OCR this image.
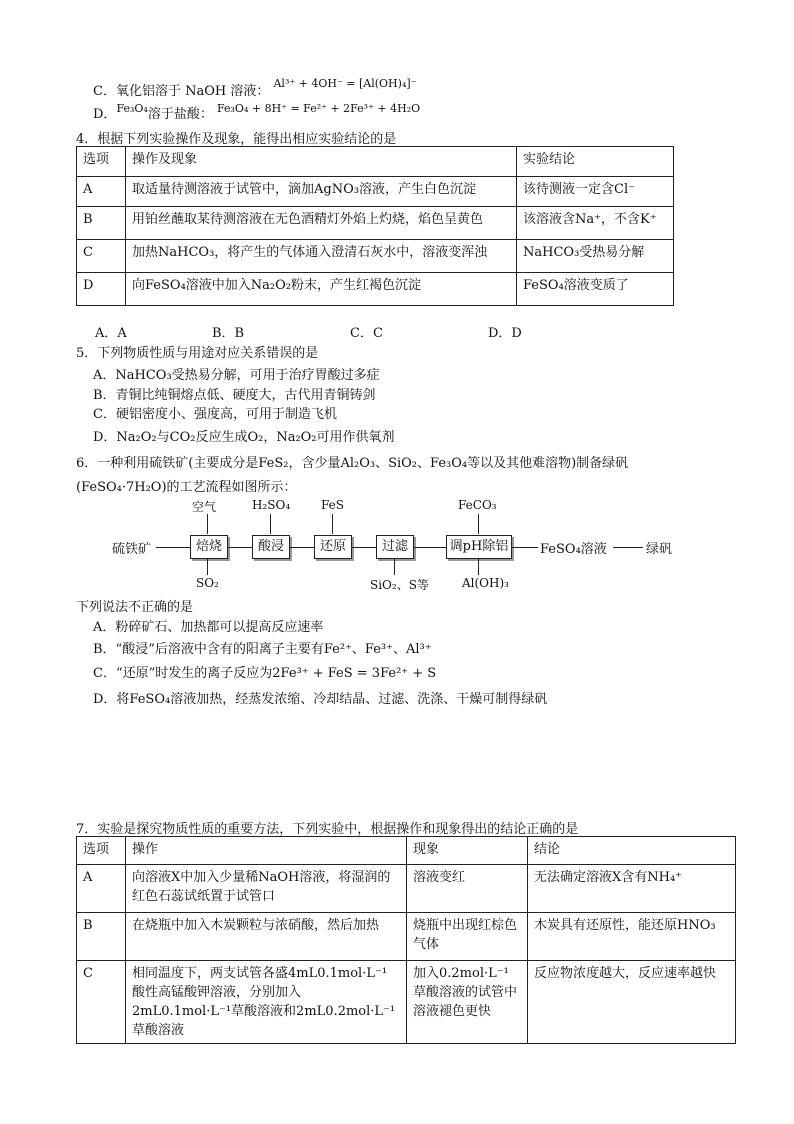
C．氧化铝溶于 NaOH 溶液： $^{Al^{3+} + 4OH^- = [Al(OH)_4]^-}$
D．$^{Fe_3O_4}$溶于盐酸： $^{Fe_3O_4 + 8H^+ = Fe^{2+} + 2Fe^{3+} + 4H_2O}$
4．根据下列实验操作及现象，能得出相应实验结论的是
选项	操作及现象	实验结论
A	取适量待测溶液于试管中，滴加AgNO₃溶液，产生白色沉淀	该待测液一定含Cl⁻
B	用铂丝蘸取某待测溶液在无色酒精灯外焰上灼烧，焰色呈黄色	该溶液含Na⁺，不含K⁺
C	加热NaHCO₃，将产生的气体通入澄清石灰水中，溶液变浑浊	NaHCO₃受热易分解
D	向FeSO₄溶液中加入Na₂O₂粉末，产生红褐色沉淀	FeSO₄溶液变质了
A．A	B．B	C．C	D．D
5．下列物质性质与用途对应关系错误的是
A．NaHCO₃受热易分解，可用于治疗胃酸过多症
B．青铜比纯铜熔点低、硬度大，古代用青铜铸剑
C．硬铝密度小、强度高，可用于制造飞机
D．Na₂O₂与CO₂反应生成O₂，Na₂O₂可用作供氧剂
6．一种利用硫铁矿(主要成分是FeS₂，含少量Al₂O₃、SiO₂、Fe₃O₄等以及其他难溶物)制备绿矾
(FeSO₄·7H₂O)的工艺流程如图所示：
硫铁矿	焙烧	酸浸	还原	过滤	调pH除铝 FeSO₄溶液	绿矾
空气	H₂SO₄	FeS	FeCO₃
SO₂	SiO₂、S等	Al(OH)₃
下列说法不正确的是
A．粉碎矿石、加热都可以提高反应速率
B．“酸浸”后溶液中含有的阳离子主要有Fe²⁺、Fe³⁺、Al³⁺
C．“还原”时发生的离子反应为2Fe³⁺ + FeS = 3Fe²⁺ + S
D．将FeSO₄溶液加热，经蒸发浓缩、冷却结晶、过滤、洗涤、干燥可制得绿矾
7．实验是探究物质性质的重要方法，下列实验中，根据操作和现象得出的结论正确的是
选项	操作	现象	结论
A	向溶液X中加入少量稀NaOH溶液，将湿润的红色石蕊试纸置于试管口	溶液变红	无法确定溶液X含有NH₄⁺
B	在烧瓶中加入木炭颗粒与浓硝酸，然后加热	烧瓶中出现红棕色气体	木炭具有还原性，能还原HNO₃
C	相同温度下，两支试管各盛4mL0.1mol·L⁻¹酸性高锰酸钾溶液，分别加入2mL0.1mol·L⁻¹草酸溶液和2mL0.2mol·L⁻¹草酸溶液	加入0.2mol·L⁻¹草酸溶液的试管中溶液褪色更快	反应物浓度越大，反应速率越快
